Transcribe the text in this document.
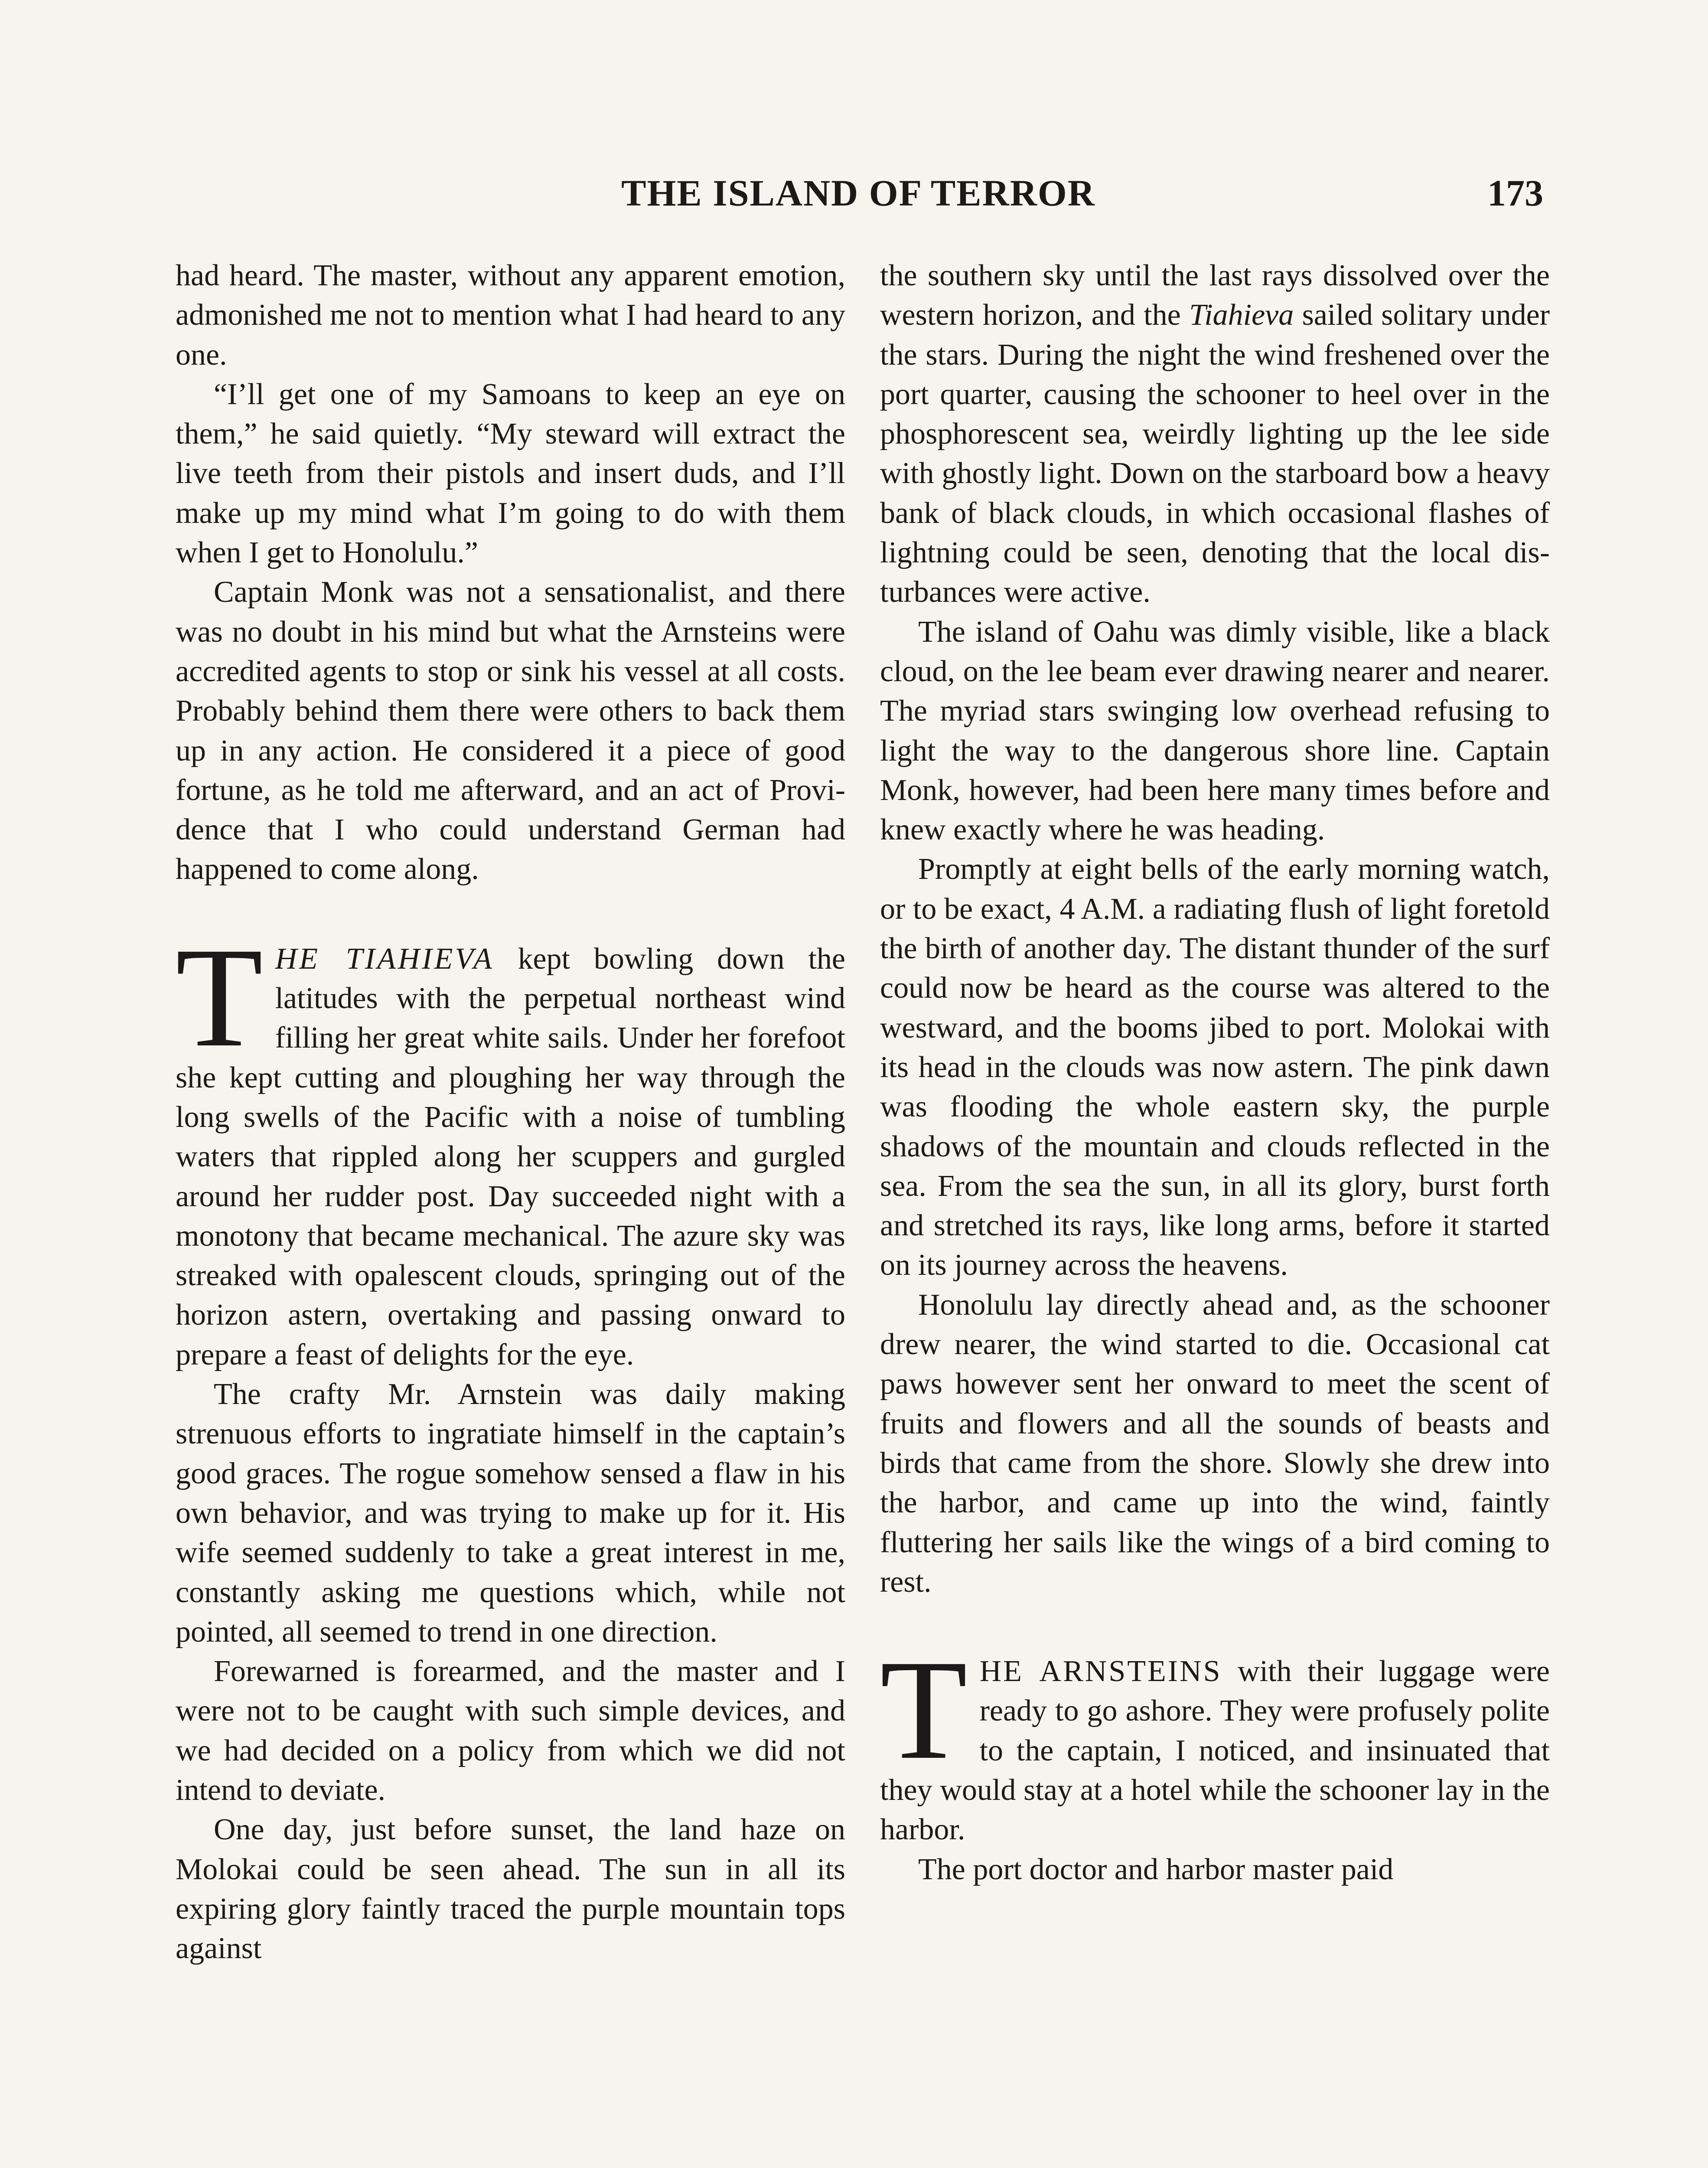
THE ISLAND OF TERROR	173

had heard. The master, without any apparent emotion, admonished me not to mention what I had heard to any one.

“I’ll get one of my Samoans to keep an eye on them,” he said quietly. “My steward will extract the live teeth from their pistols and insert duds, and I’ll make up my mind what I’m going to do with them when I get to Honolulu.”

Captain Monk was not a sensationalist, and there was no doubt in his mind but what the Arnsteins were accredited agents to stop or sink his vessel at all costs. Probably behind them there were others to back them up in any action. He considered it a piece of good fortune, as he told me afterward, and an act of Providence that I who could understand German had happened to come along.

THE TIAHIEVA kept bowling down the latitudes with the perpetual northeast wind filling her great white sails. Under her forefoot she kept cutting and ploughing her way through the long swells of the Pacific with a noise of tumbling waters that rippled along her scuppers and gurgled around her rudder post. Day succeeded night with a monotony that became mechanical. The azure sky was streaked with opalescent clouds, springing out of the horizon astern, overtaking and passing onward to prepare a feast of delights for the eye.

The crafty Mr. Arnstein was daily making strenuous efforts to ingratiate himself in the captain’s good graces. The rogue somehow sensed a flaw in his own behavior, and was trying to make up for it. His wife seemed suddenly to take a great interest in me, constantly asking me questions which, while not pointed, all seemed to trend in one direction.

Forewarned is forearmed, and the master and I were not to be caught with such simple devices, and we had decided on a policy from which we did not intend to deviate.

One day, just before sunset, the land haze on Molokai could be seen ahead. The sun in all its expiring glory faintly traced the purple mountain tops against

the southern sky until the last rays dissolved over the western horizon, and the Tiahieva sailed solitary under the stars. During the night the wind freshened over the port quarter, causing the schooner to heel over in the phosphorescent sea, weirdly lighting up the lee side with ghostly light. Down on the starboard bow a heavy bank of black clouds, in which occasional flashes of lightning could be seen, denoting that the local disturbances were active.

The island of Oahu was dimly visible, like a black cloud, on the lee beam ever drawing nearer and nearer. The myriad stars swinging low overhead refusing to light the way to the dangerous shore line. Captain Monk, however, had been here many times before and knew exactly where he was heading.

Promptly at eight bells of the early morning watch, or to be exact, 4 A.M. a radiating flush of light foretold the birth of another day. The distant thunder of the surf could now be heard as the course was altered to the westward, and the booms jibed to port. Molokai with its head in the clouds was now astern. The pink dawn was flooding the whole eastern sky, the purple shadows of the mountain and clouds reflected in the sea. From the sea the sun, in all its glory, burst forth and stretched its rays, like long arms, before it started on its journey across the heavens.

Honolulu lay directly ahead and, as the schooner drew nearer, the wind started to die. Occasional cat paws however sent her onward to meet the scent of fruits and flowers and all the sounds of beasts and birds that came from the shore. Slowly she drew into the harbor, and came up into the wind, faintly fluttering her sails like the wings of a bird coming to rest.

THE ARNSTEINS with their luggage were ready to go ashore. They were profusely polite to the captain, I noticed, and insinuated that they would stay at a hotel while the schooner lay in the harbor.

The port doctor and harbor master paid
